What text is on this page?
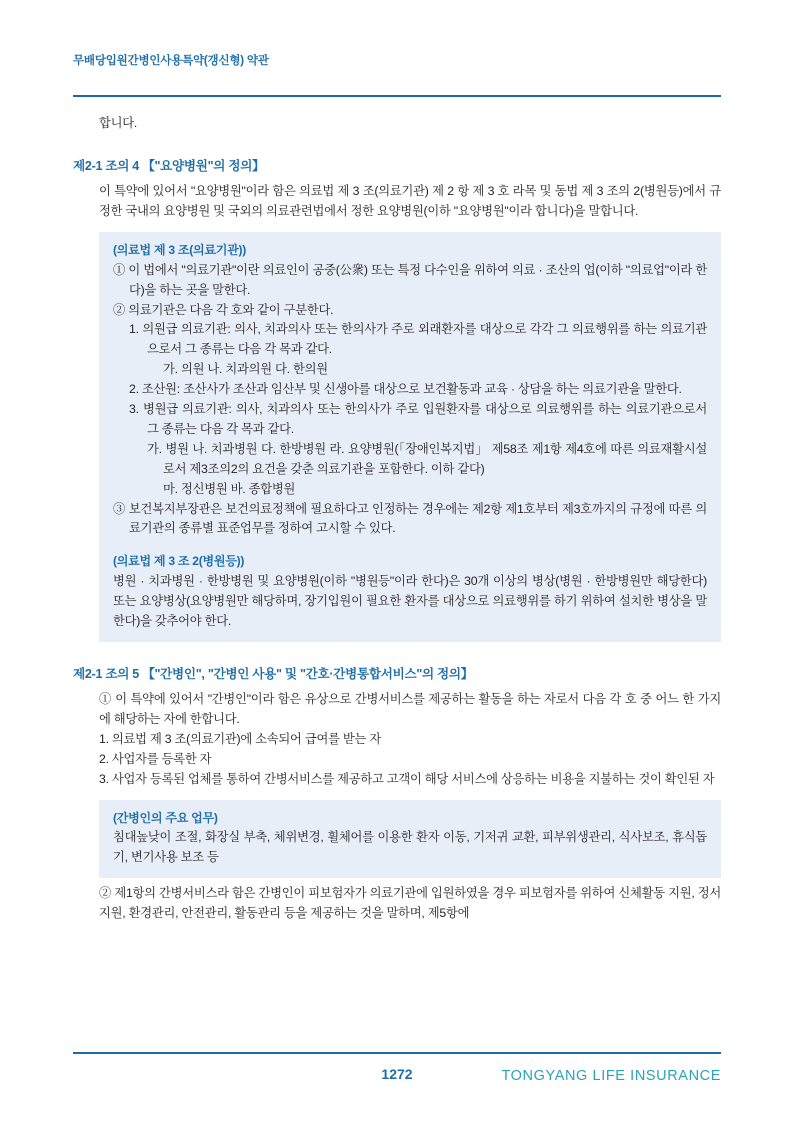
무배당입원간병인사용특약(갱신형) 약관

합니다.

제2-1 조의 4 【"요양병원"의 정의】

이 특약에 있어서 "요양병원"이라 함은 의료법 제 3 조(의료기관) 제 2 항 제 3 호 라목 및 동법 제 3 조의 2(병원등)에서 규정한 국내의 요양병원 및 국외의 의료관련법에서 정한 요양병원(이하 "요양병원"이라 합니다)을 말합니다.

(의료법 제 3 조(의료기관))

① 이 법에서 "의료기관"이란 의료인이 공중(公衆) 또는 특정 다수인을 위하여 의료 · 조산의 업(이하 "의료업"이라 한다)을 하는 곳을 말한다.

② 의료기관은 다음 각 호와 같이 구분한다.

1. 의원급 의료기관: 의사, 치과의사 또는 한의사가 주로 외래환자를 대상으로 각각 그 의료행위를 하는 의료기관으로서 그 종류는 다음 각 목과 같다.

가. 의원 나. 치과의원 다. 한의원

2. 조산원: 조산사가 조산과 임산부 및 신생아를 대상으로 보건활동과 교육 · 상담을 하는 의료기관을 말한다.

3. 병원급 의료기관: 의사, 치과의사 또는 한의사가 주로 입원환자를 대상으로 의료행위를 하는 의료기관으로서 그 종류는 다음 각 목과 같다.

가. 병원 나. 치과병원 다. 한방병원 라. 요양병원(「장애인복지법」 제58조 제1항 제4호에 따른 의료재활시설로서 제3조의2의 요건을 갖춘 의료기관을 포함한다. 이하 같다)

마. 정신병원 바. 종합병원

③ 보건복지부장관은 보건의료정책에 필요하다고 인정하는 경우에는 제2항 제1호부터 제3호까지의 규정에 따른 의료기관의 종류별 표준업무를 정하여 고시할 수 있다.

(의료법 제 3 조 2(병원등))

병원 · 치과병원 · 한방병원 및 요양병원(이하 "병원등"이라 한다)은 30개 이상의 병상(병원 · 한방병원만 해당한다) 또는 요양병상(요양병원만 해당하며, 장기입원이 필요한 환자를 대상으로 의료행위를 하기 위하여 설치한 병상을 말한다)을 갖추어야 한다.

제2-1 조의 5 【"간병인", "간병인 사용" 및 "간호·간병통합서비스"의 정의】

① 이 특약에 있어서 "간병인"이라 함은 유상으로 간병서비스를 제공하는 활동을 하는 자로서 다음 각 호 중 어느 한 가지에 해당하는 자에 한합니다.

1. 의료법 제 3 조(의료기관)에 소속되어 급여를 받는 자

2. 사업자를 등록한 자

3. 사업자 등록된 업체를 통하여 간병서비스를 제공하고 고객이 해당 서비스에 상응하는 비용을 지불하는 것이 확인된 자

(간병인의 주요 업무)

침대높낮이 조절, 화장실 부축, 체위변경, 휠체어를 이용한 환자 이동, 기저귀 교환, 피부위생관리, 식사보조, 휴식돕기, 변기사용 보조 등

② 제1항의 간병서비스라 함은 간병인이 피보험자가 의료기관에 입원하였을 경우 피보험자를 위하여 신체활동 지원, 정서 지원, 환경관리, 안전관리, 활동관리 등을 제공하는 것을 말하며, 제5항에

1272	TONGYANG LIFE INSURANCE
